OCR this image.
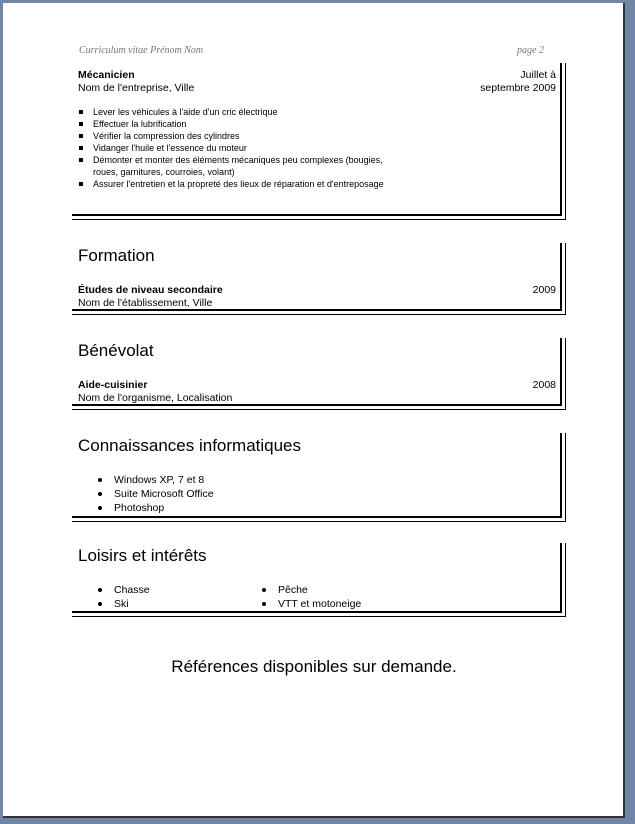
Curriculum vitae Prénom Nom	page 2
Mécanicien
Nom de l'entreprise, Ville
Juillet à
septembre 2009
Lever les véhicules à l'aide d'un cric électrique
Effectuer la lubrification
Vérifier la compression des cylindres
Vidanger l'huile et l'essence du moteur
Démonter et monter des éléments mécaniques peu complexes (bougies, roues, garnitures, courroies, volant)
Assurer l'entretien et la propreté des lieux de réparation et d'entreposage
Formation
Études de niveau secondaire
Nom de l'établissement, Ville
2009
Bénévolat
Aide-cuisinier
Nom de l'organisme, Localisation
2008
Connaissances informatiques
Windows XP, 7 et 8
Suite Microsoft Office
Photoshop
Loisirs et intérêts
Chasse
Ski
Pêche
VTT et motoneige
Références disponibles sur demande.
